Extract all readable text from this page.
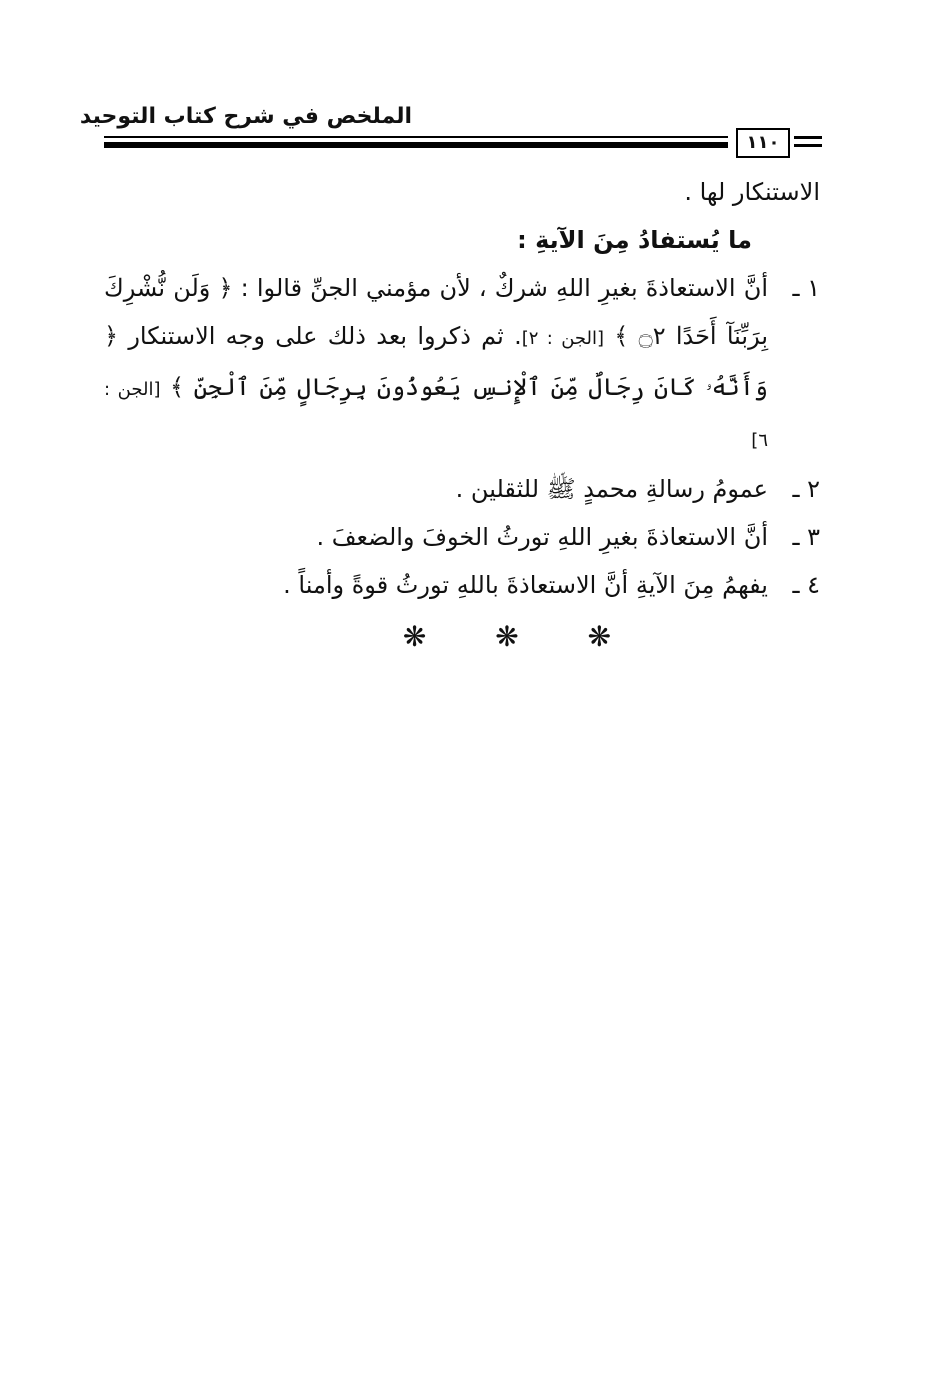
الملخص في شرح كتاب التوحيد
١١٠

الاستنكار لها .

ما يُستفادُ مِنَ الآيةِ :

١ ـ
أنَّ الاستعاذةَ بغيرِ اللهِ شركٌ ، لأن مؤمني الجنِّ قالوا : ﴿ وَلَن نُّشْرِكَ بِرَبِّنَآ أَحَدًا ۝٢ ﴾ [الجن : ٢]. ثم ذكروا بعد ذلك على وجه الاستنكار ﴿ وَأَنَّهُۥ كَانَ رِجَالٌ مِّنَ ٱلْإِنسِ يَعُوذُونَ بِرِجَالٍ مِّنَ ٱلْجِنِّ ﴾ [الجن : ٦]
٢ ـ
عمومُ رسالةِ محمدٍ ﷺ للثقلين .
٣ ـ
أنَّ الاستعاذةَ بغيرِ اللهِ تورثُ الخوفَ والضعفَ .
٤ ـ
يفهمُ مِنَ الآيةِ أنَّ الاستعاذةَ باللهِ تورثُ قوةً وأمناً .
❋ ❋ ❋
